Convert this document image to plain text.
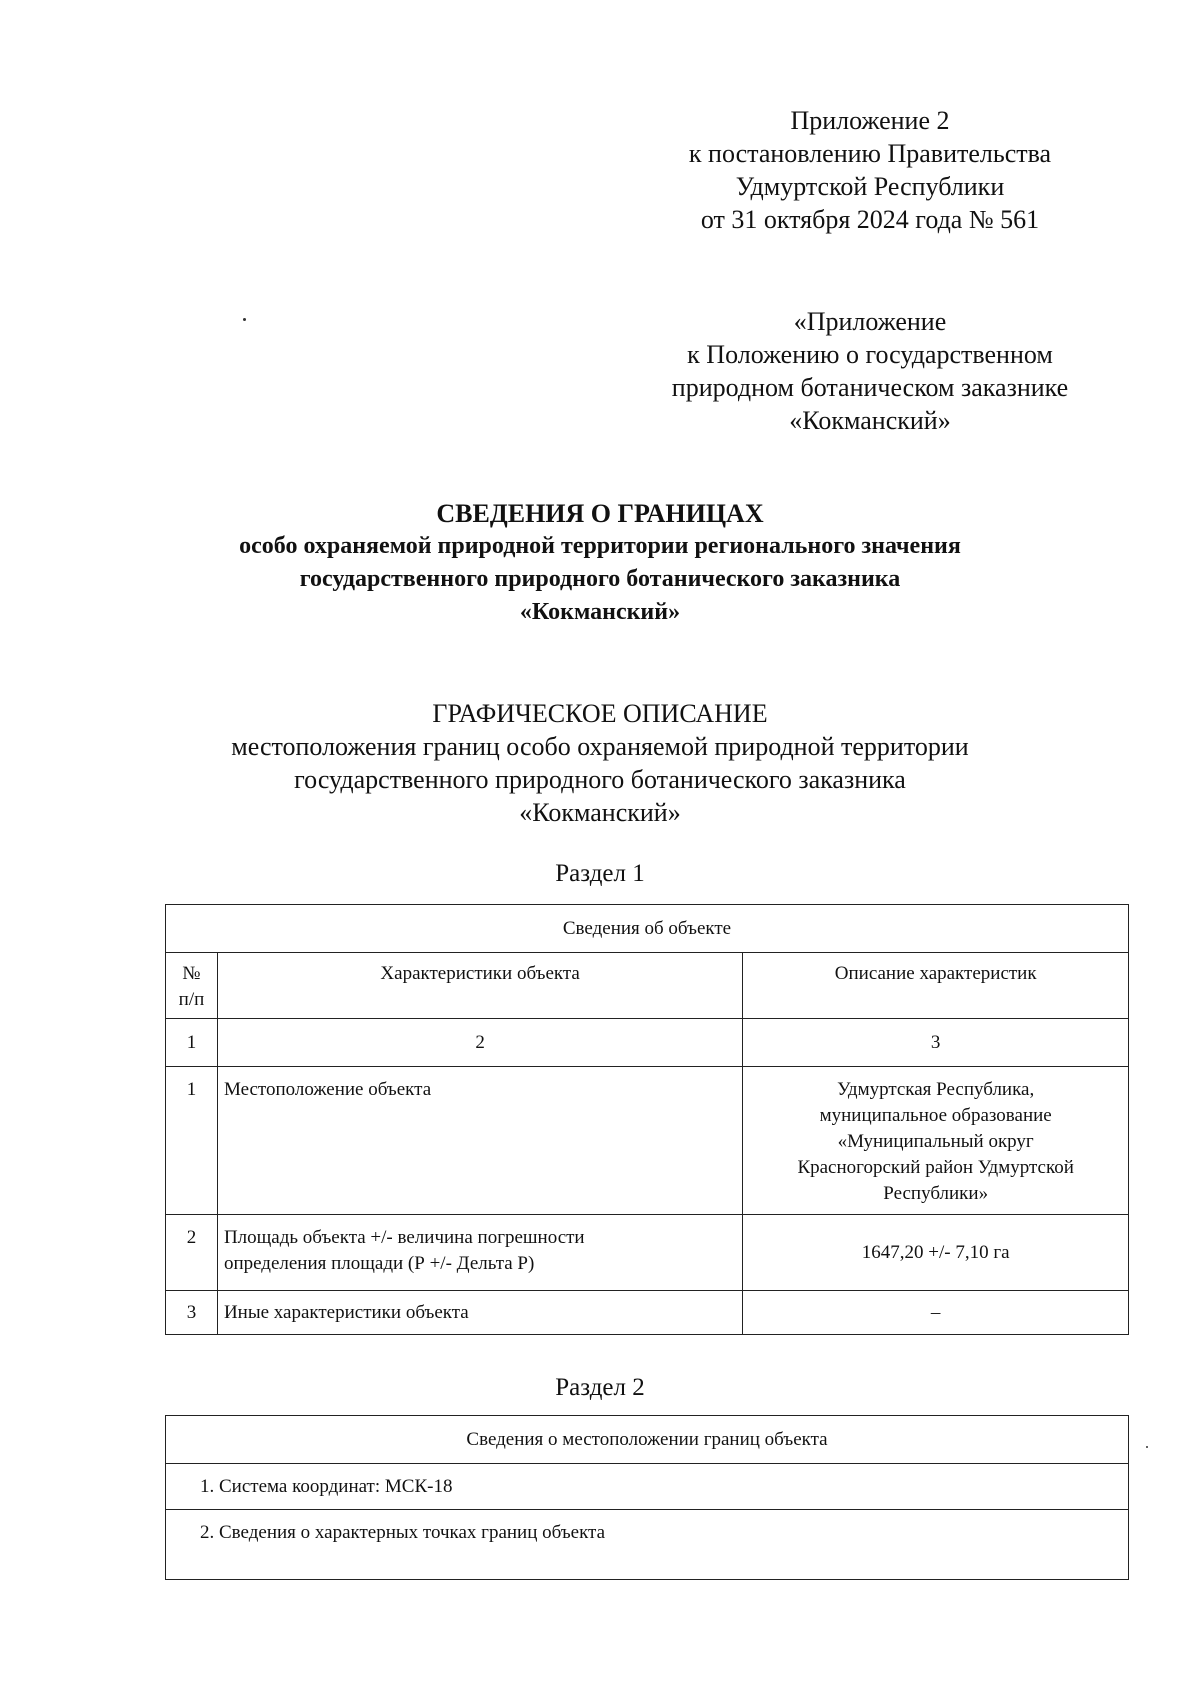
Приложение 2
к постановлению Правительства
Удмуртской Республики
от 31 октября 2024 года № 561
«Приложение
к Положению о государственном
природном ботаническом заказнике
«Кокманский»
СВЕДЕНИЯ О ГРАНИЦАХ
особо охраняемой природной территории регионального значения
государственного природного ботанического заказника
«Кокманский»
ГРАФИЧЕСКОЕ ОПИСАНИЕ
местоположения границ особо охраняемой природной территории
государственного природного ботанического заказника
«Кокманский»
Раздел 1
Сведения об объекте		

№
п/п	Характеристики объекта	Описание характеристик
1	2	3
1	Местоположение объекта	Удмуртская Республика,
муниципальное образование
«Муниципальный округ
Красногорский район Удмуртской
Республики»

2	Площадь объекта +/- величина погрешности
определения площади (Р +/- Дельта Р)	1647,20 +/- 7,10 га
3	Иные характеристики объекта	–
Раздел 2
Сведения о местоположении границ объекта
1. Система координат: МСК-18
2. Сведения о характерных точках границ объекта
